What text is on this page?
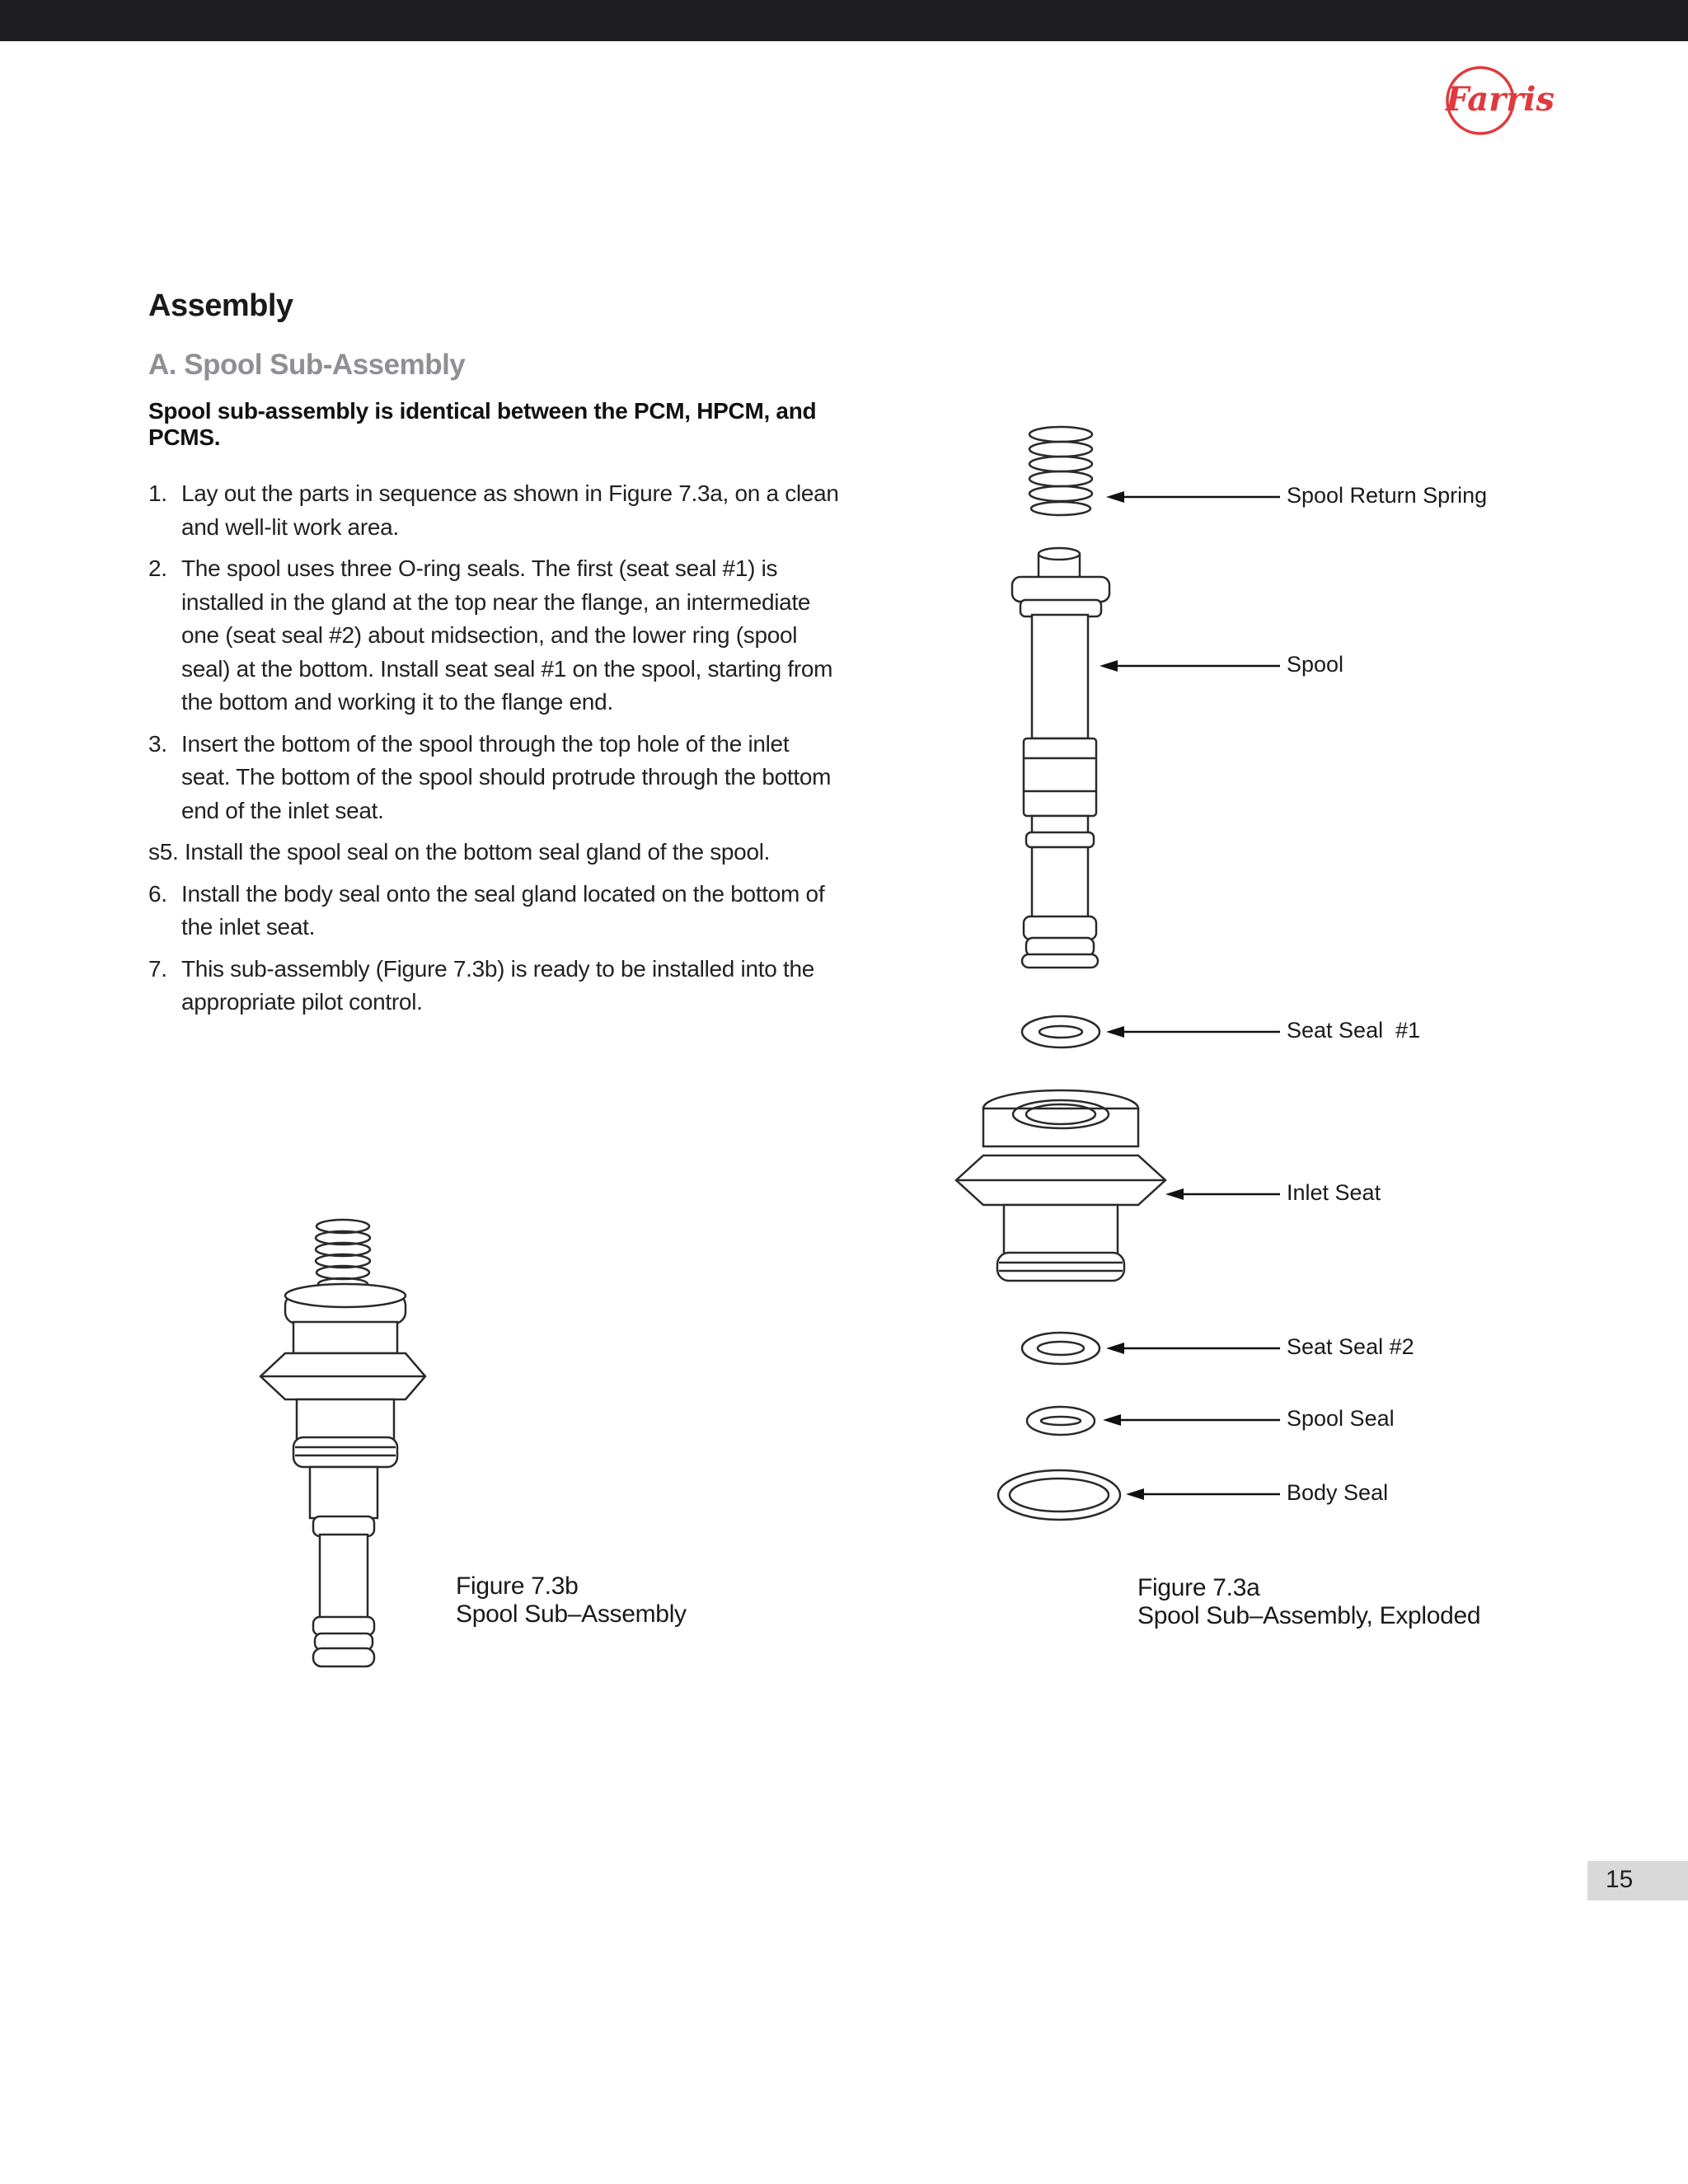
Farris
Assembly
A. Spool Sub-Assembly

Spool sub-assembly is identical between the PCM, HPCM, and PCMS.

1. Lay out the parts in sequence as shown in Figure 7.3a, on a clean and well-lit work area.
2. The spool uses three O-ring seals. The first (seat seal #1) is installed in the gland at the top near the flange, an intermediate one (seat seal #2) about midsection, and the lower ring (spool seal) at the bottom. Install seat seal #1 on the spool, starting from the bottom and working it to the flange end.
3. Insert the bottom of the spool through the top hole of the inlet seat. The bottom of the spool should protrude through the bottom end of the inlet seat.
s5. Install the spool seal on the bottom seal gland of the spool.
6. Install the body seal onto the seal gland located on the bottom of the inlet seat.
7. This sub-assembly (Figure 7.3b) is ready to be installed into the appropriate pilot control.
Spool Return Spring
Spool
Seat Seal  #1
Inlet Seat
Seat Seal #2
Spool Seal
Body Seal
Figure 7.3b
Spool Sub–Assembly
Figure 7.3a
Spool Sub–Assembly, Exploded
15
